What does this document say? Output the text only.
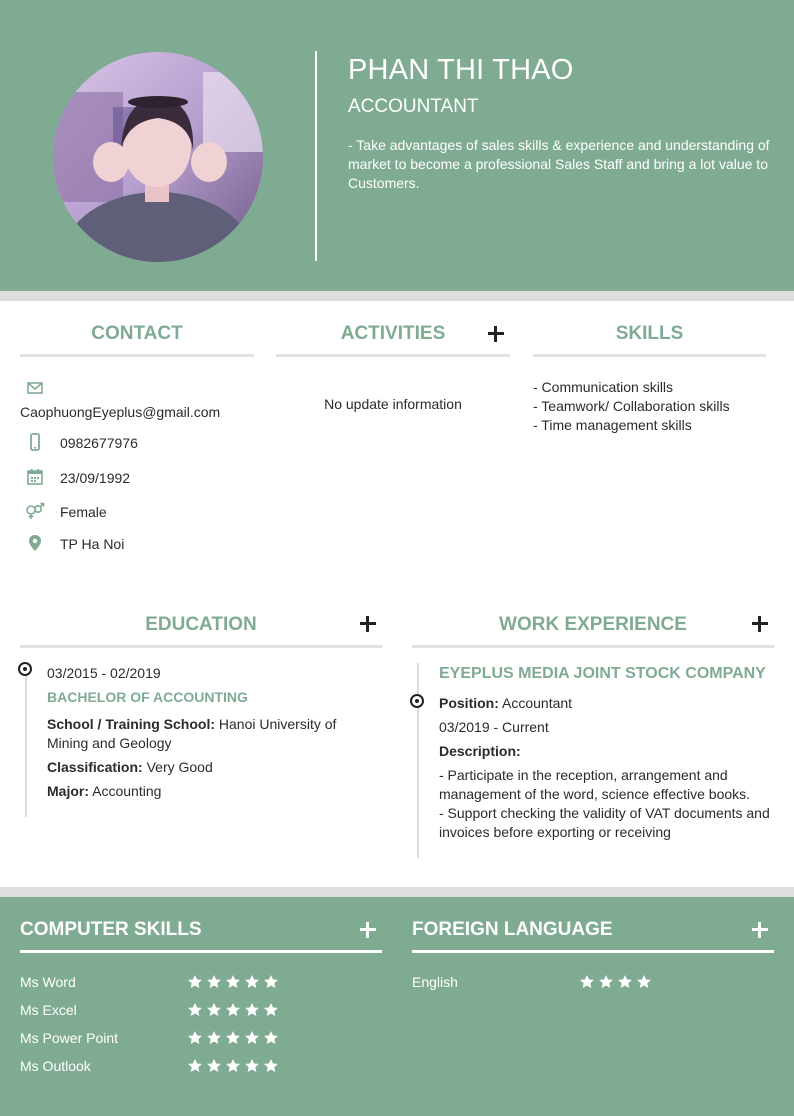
PHAN THI THAO
ACCOUNTANT
- Take advantages of sales skills & experience and understanding of market to become a professional Sales Staff and bring a lot value to Customers.
CONTACT
CaophuongEyeplus@gmail.com
0982677976
23/09/1992
Female
TP Ha Noi
ACTIVITIES
No update information
SKILLS
- Communication skills
- Teamwork/ Collaboration skills
- Time management skills
EDUCATION
03/2015 - 02/2019
BACHELOR OF ACCOUNTING
School / Training School: Hanoi University of Mining and Geology
Classification: Very Good
Major: Accounting
WORK EXPERIENCE
EYEPLUS MEDIA JOINT STOCK COMPANY
Position: Accountant
03/2019 - Current
Description:
- Participate in the reception, arrangement and management of the word, science effective books.
- Support checking the validity of VAT documents and invoices before exporting or receiving
COMPUTER SKILLS
Ms Word
Ms Excel
Ms Power Point
Ms Outlook
FOREIGN LANGUAGE
English
